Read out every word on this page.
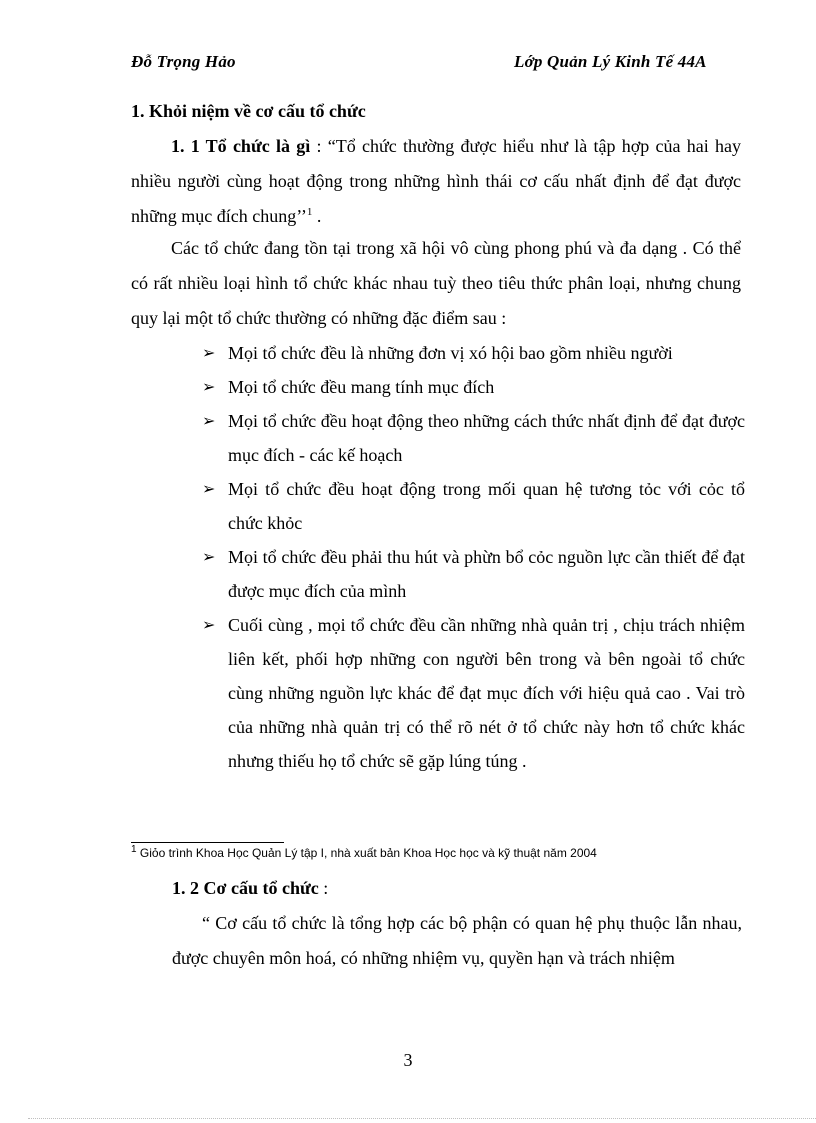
Đỗ Trọng Hảo	Lớp Quản Lý Kinh Tế 44A
1. Khỏi niệm về cơ cấu tổ chức
1. 1 Tổ chức là gì : “Tổ chức thường được hiểu như là tập hợp của hai hay nhiều người cùng hoạt động trong những hình thái cơ cấu nhất định để đạt được những mục đích chung’’$^1$ .
Các tổ chức đang tồn tại trong xã hội vô cùng phong phú và đa dạng . Có thể có rất nhiều loại hình tổ chức khác nhau tuỳ theo tiêu thức phân loại, nhưng chung quy lại một tổ chức thường có những đặc điểm sau :
➢ Mọi tổ chức đều là những đơn vị xó hội bao gồm nhiều người
➢ Mọi tổ chức đều mang tính mục đích
➢ Mọi tổ chức đều hoạt động theo những cách thức nhất định để đạt được mục đích - các kế hoạch
➢ Mọi tổ chức đều hoạt động trong mối quan hệ tương tỏc với cỏc tổ chức khỏc
➢ Mọi tổ chức đều phải thu hút và phừn bổ cỏc nguồn lực cần thiết để đạt được mục đích của mình
➢ Cuối cùng , mọi tổ chức đều cần những nhà quản trị , chịu trách nhiệm liên kết, phối hợp những con người bên trong và bên ngoài tổ chức cùng những nguồn lực khác để đạt mục đích với hiệu quả cao . Vai trò của những nhà quản trị có thể rõ nét ở tổ chức này hơn tổ chức khác nhưng thiếu họ tổ chức sẽ gặp lúng túng .
$^1$ Giỏo trình Khoa Học Quản Lý tập I, nhà xuất bản Khoa Học học và kỹ thuật năm 2004
1. 2 Cơ cấu tổ chức :
“ Cơ cấu tổ chức là tổng hợp các bộ phận có quan hệ phụ thuộc lẫn nhau, được chuyên môn hoá, có những nhiệm vụ, quyền hạn và trách nhiệm
3
